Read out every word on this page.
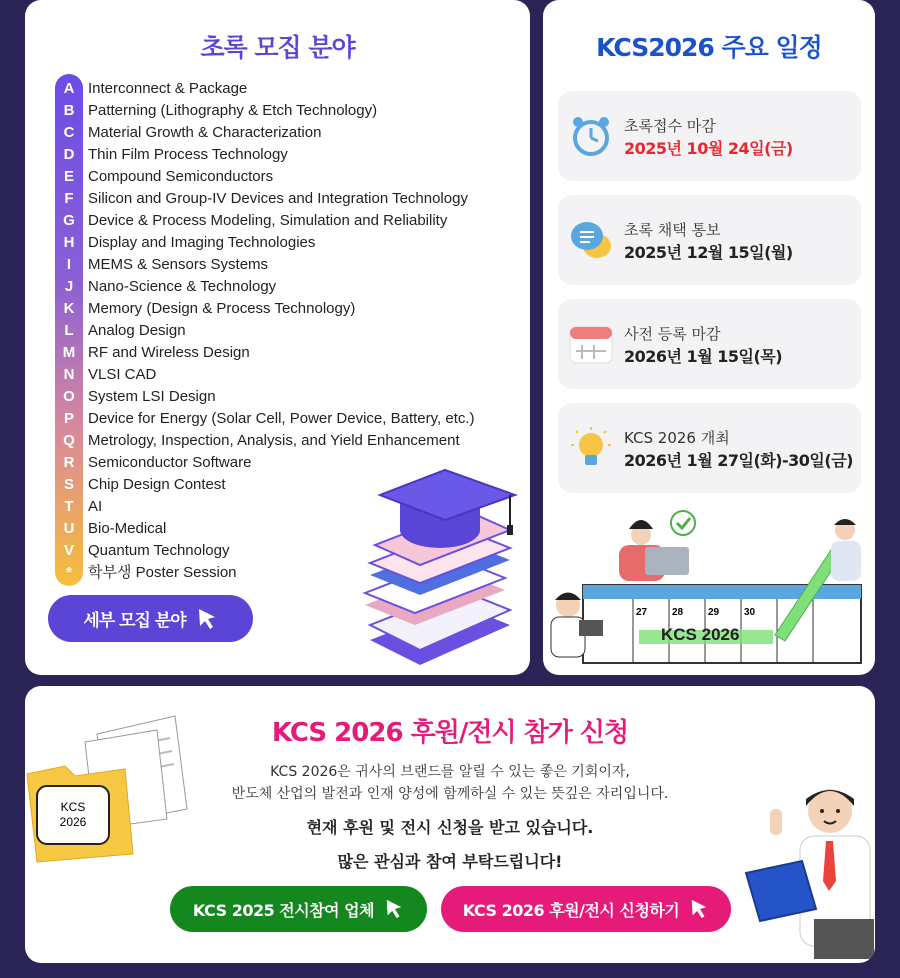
초록 모집 분야
A
B
C
D
E
F
G
H
I
J
K
L
M
N
O
P
Q
R
S
T
U
V
*
Interconnect & Package
Patterning (Lithography & Etch Technology)
Material Growth & Characterization
Thin Film Process Technology
Compound Semiconductors
Silicon and Group-IV Devices and Integration Technology
Device & Process Modeling, Simulation and Reliability
Display and Imaging Technologies
MEMS & Sensors Systems
Nano-Science & Technology
Memory (Design & Process Technology)
Analog Design
RF and Wireless Design
VLSI CAD
System LSI Design
Device for Energy (Solar Cell, Power Device, Battery, etc.)
Metrology, Inspection, Analysis, and Yield Enhancement
Semiconductor Software
Chip Design Contest
AI
Bio-Medical
Quantum Technology
학부생 Poster Session
세부 모집 분야
KCS2026 주요 일정
초록접수 마감
2025년 10월 24일(금)
초록 채택 통보
2025년 12월 15일(월)
사전 등록 마감
2026년 1월 15일(목)
KCS 2026 개최
2026년 1월 27일(화)-30일(금)
27 28 29 30
KCS 2026
KCS 2026 후원/전시 참가 신청
KCS 2026은 귀사의 브랜드를 알릴 수 있는 좋은 기회이자,
반도체 산업의 발전과 인재 양성에 함께하실 수 있는 뜻깊은 자리입니다.
현재 후원 및 전시 신청을 받고 있습니다.
많은 관심과 참여 부탁드립니다!
KCS 2025 전시참여 업체	KCS 2026 후원/전시 신청하기
KCS
2026
